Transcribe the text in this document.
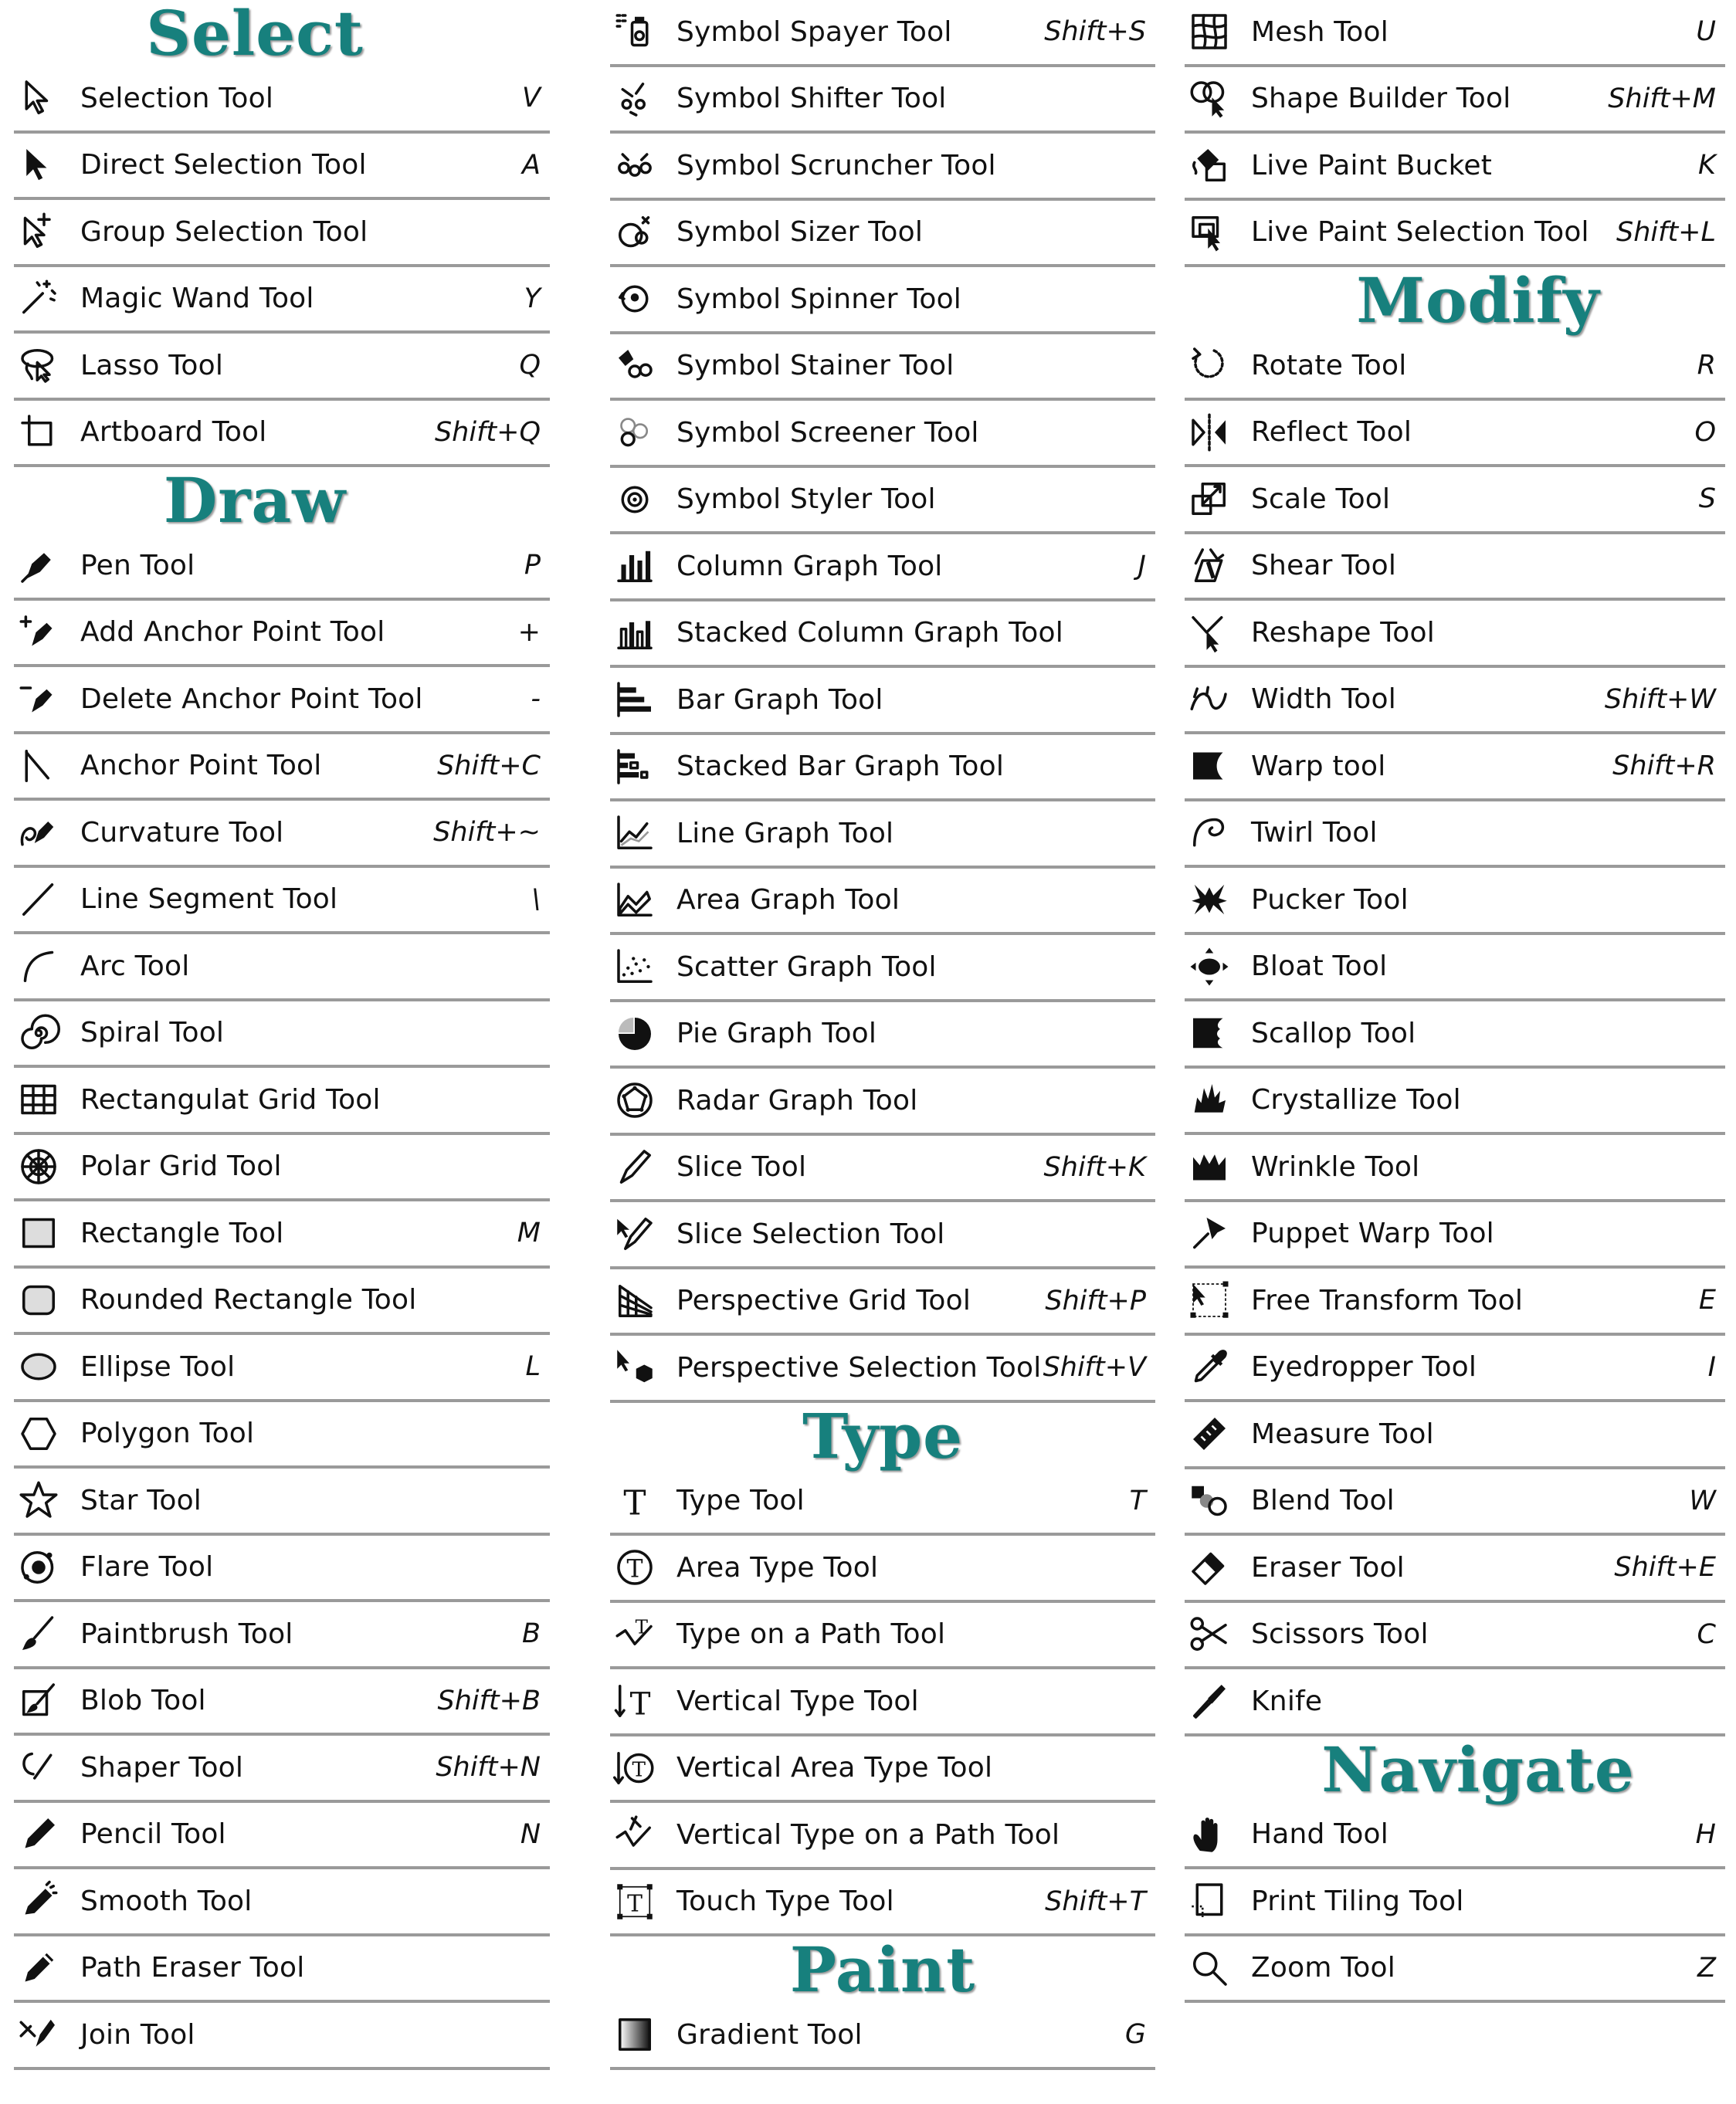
Select
Selection Tool	V
Direct Selection Tool	A
Group Selection Tool
Magic Wand Tool	Y
Lasso Tool	Q
Artboard Tool	Shift+Q
Draw
Pen Tool	P
Add Anchor Point Tool	+
Delete Anchor Point Tool	-
Anchor Point Tool	Shift+C
Curvature Tool	Shift+~
Line Segment Tool	\
Arc Tool
Spiral Tool
Rectangulat Grid Tool
Polar Grid Tool
Rectangle Tool	M
Rounded Rectangle Tool
Ellipse Tool	L
Polygon Tool
Star Tool
Flare Tool
Paintbrush Tool	B
Blob Tool	Shift+B
Shaper Tool	Shift+N
Pencil Tool	N
Smooth Tool
Path Eraser Tool
Join Tool
Symbol Spayer Tool	Shift+S
Symbol Shifter Tool
Symbol Scruncher Tool
Symbol Sizer Tool
Symbol Spinner Tool
Symbol Stainer Tool
Symbol Screener Tool
Symbol Styler Tool
Column Graph Tool	J
Stacked Column Graph Tool
Bar Graph Tool
Stacked Bar Graph Tool
Line Graph Tool
Area Graph Tool
Scatter Graph Tool
Pie Graph Tool
Radar Graph Tool
Slice Tool	Shift+K
Slice Selection Tool
Perspective Grid Tool	Shift+P
Perspective Selection Tool Shift+V
Type
T Type Tool	T
T Area Type Tool
T Type on a Path Tool
T Vertical Type Tool
T Vertical Area Type Tool
Vertical Type on a Path Tool
T Touch Type Tool	Shift+T
Paint
Gradient Tool	G
Mesh Tool	U
Shape Builder Tool	Shift+M
Live Paint Bucket	K
Live Paint Selection Tool Shift+L
Modify
Rotate Tool	R
Reflect Tool	O
Scale Tool	S
Shear Tool
Reshape Tool
Width Tool	Shift+W
Warp tool	Shift+R
Twirl Tool
Pucker Tool
Bloat Tool
Scallop Tool
Crystallize Tool
Wrinkle Tool
Puppet Warp Tool
Free Transform Tool	E
Eyedropper Tool	I
Measure Tool
Blend Tool	W
Eraser Tool	Shift+E
Scissors Tool	C
Knife
Navigate
Hand Tool	H
Print Tiling Tool
Zoom Tool	Z
